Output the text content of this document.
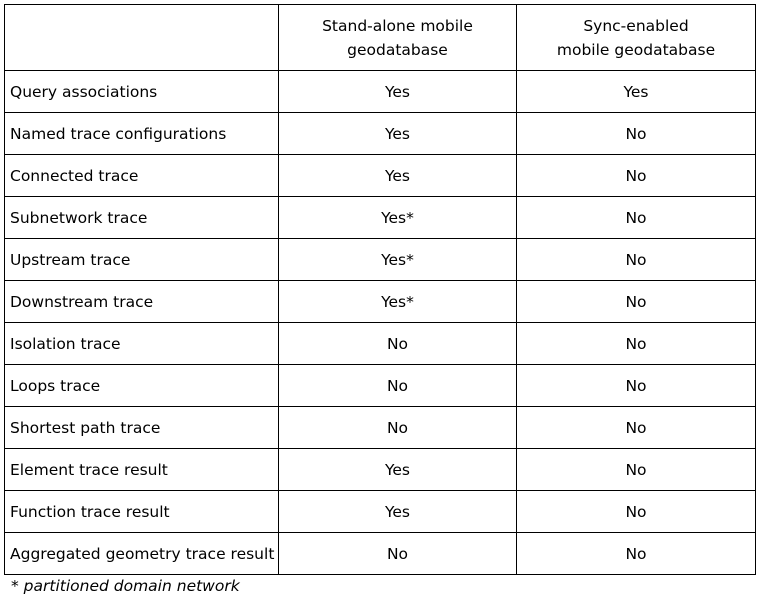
	Stand-alone mobile geodatabase	Sync-enabled mobile geodatabase

Query associations	Yes	Yes
Named trace configurations	Yes	No
Connected trace	Yes	No
Subnetwork trace	Yes*	No
Upstream trace	Yes*	No
Downstream trace	Yes*	No
Isolation trace	No	No
Loops trace	No	No
Shortest path trace	No	No
Element trace result	Yes	No
Function trace result	Yes	No
Aggregated geometry trace result	No	No
* partitioned domain network
